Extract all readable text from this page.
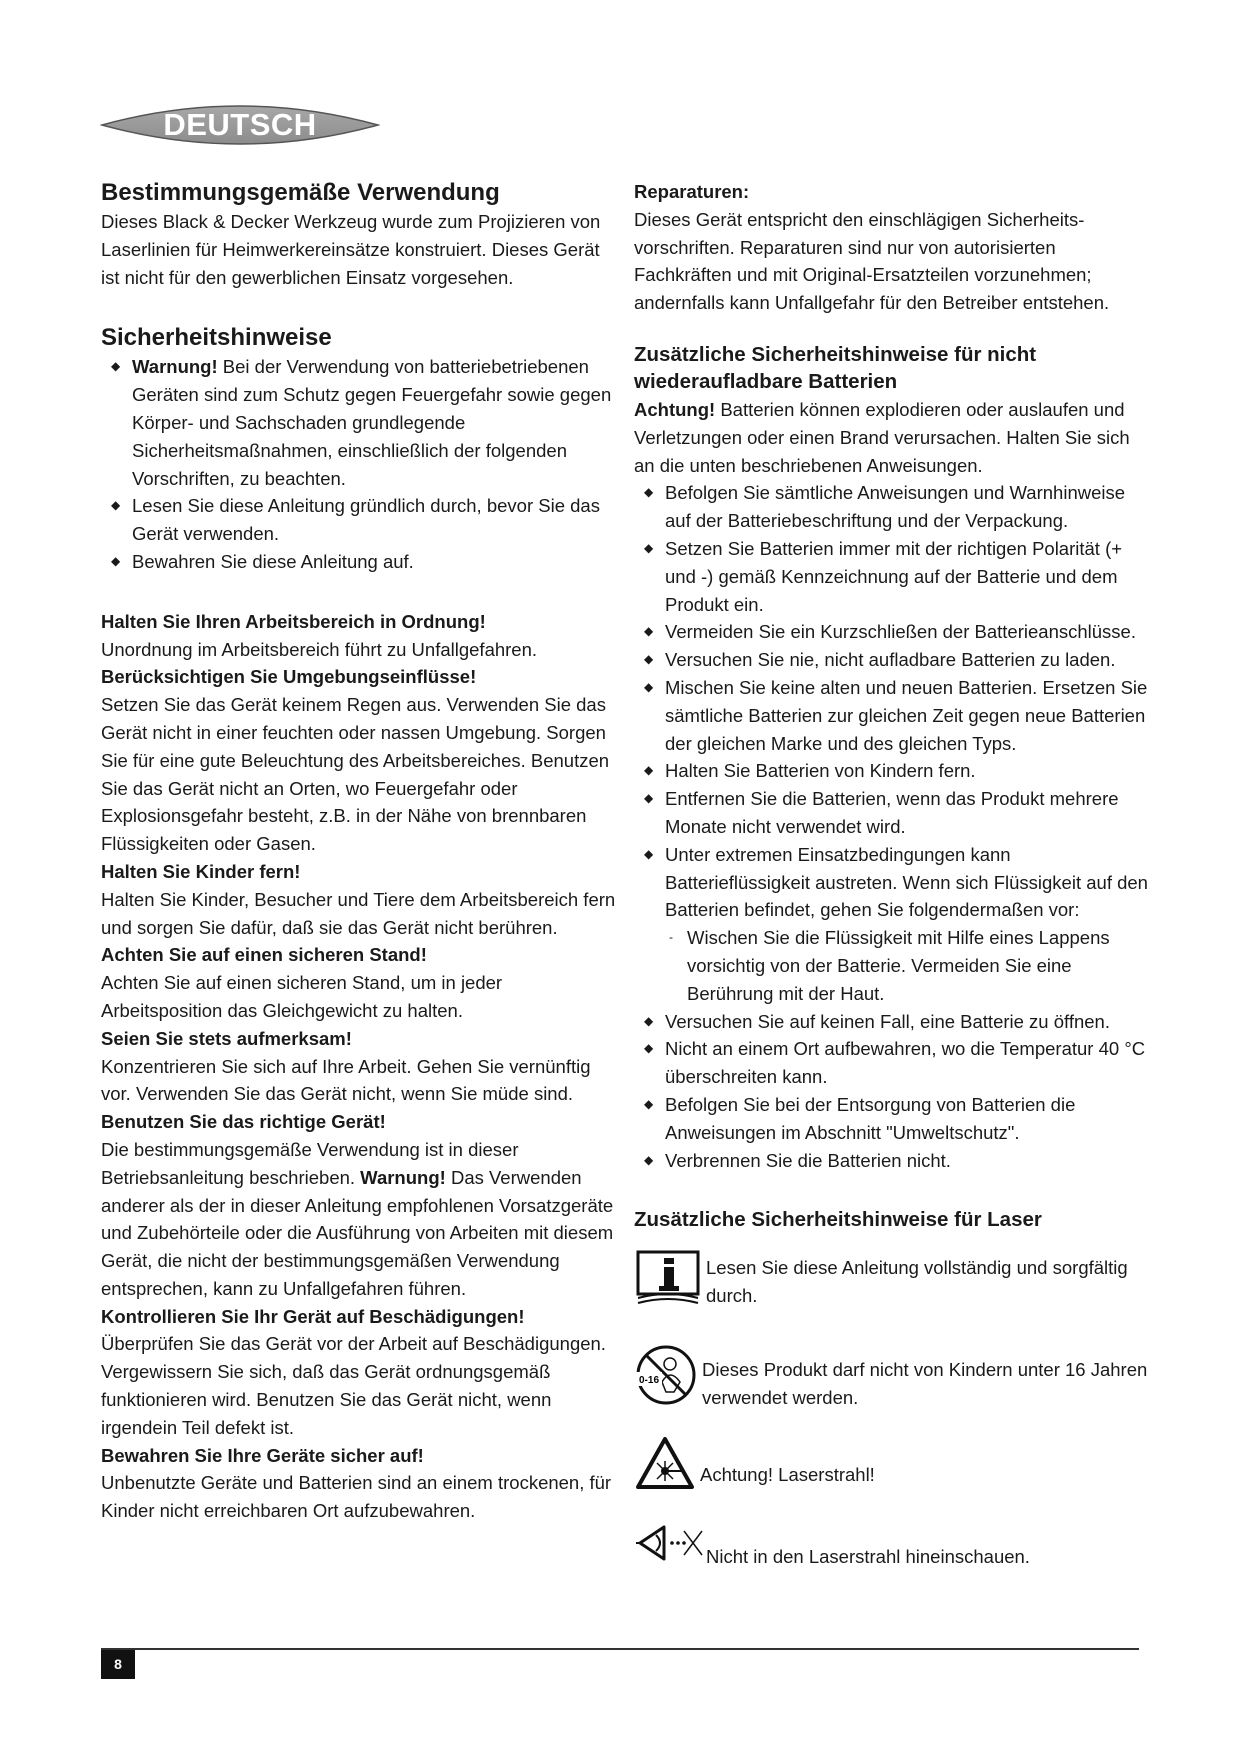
DEUTSCH
Bestimmungsgemäße Verwendung

Dieses Black & Decker Werkzeug wurde zum Projizieren von Laserlinien für Heimwerkereinsätze konstruiert. Dieses Gerät ist nicht für den gewerblichen Einsatz vorgesehen.

Sicherheitshinweise
◆ Warnung! Bei der Verwendung von batteriebetriebenen Geräten sind zum Schutz gegen Feuergefahr sowie gegen Körper- und Sachschaden grundlegende Sicherheitsmaßnahmen, einschließlich der folgenden Vorschriften, zu beachten.
◆ Lesen Sie diese Anleitung gründlich durch, bevor Sie das Gerät verwenden.
◆ Bewahren Sie diese Anleitung auf.

Halten Sie Ihren Arbeitsbereich in Ordnung!

Unordnung im Arbeitsbereich führt zu Unfallgefahren.

Berücksichtigen Sie Umgebungseinflüsse!

Setzen Sie das Gerät keinem Regen aus. Verwenden Sie das Gerät nicht in einer feuchten oder nassen Umgebung. Sorgen Sie für eine gute Beleuchtung des Arbeitsbereiches. Benutzen Sie das Gerät nicht an Orten, wo Feuergefahr oder Explosionsgefahr besteht, z.B. in der Nähe von brennbaren Flüssigkeiten oder Gasen.

Halten Sie Kinder fern!

Halten Sie Kinder, Besucher und Tiere dem Arbeitsbereich fern und sorgen Sie dafür, daß sie das Gerät nicht berühren.

Achten Sie auf einen sicheren Stand!

Achten Sie auf einen sicheren Stand, um in jeder Arbeitsposition das Gleichgewicht zu halten.

Seien Sie stets aufmerksam!

Konzentrieren Sie sich auf Ihre Arbeit. Gehen Sie vernünftig vor. Verwenden Sie das Gerät nicht, wenn Sie müde sind.

Benutzen Sie das richtige Gerät!

Die bestimmungsgemäße Verwendung ist in dieser Betriebsanleitung beschrieben. Warnung! Das Verwenden anderer als der in dieser Anleitung empfohlenen Vorsatzgeräte und Zubehörteile oder die Ausführung von Arbeiten mit diesem Gerät, die nicht der bestimmungsgemäßen Verwendung entsprechen, kann zu Unfallgefahren führen.

Kontrollieren Sie Ihr Gerät auf Beschädigungen!

Überprüfen Sie das Gerät vor der Arbeit auf Beschädigungen. Vergewissern Sie sich, daß das Gerät ordnungsgemäß funktionieren wird. Benutzen Sie das Gerät nicht, wenn irgendein Teil defekt ist.

Bewahren Sie Ihre Geräte sicher auf!

Unbenutzte Geräte und Batterien sind an einem trockenen, für Kinder nicht erreichbaren Ort aufzubewahren.

Reparaturen:

Dieses Gerät entspricht den einschlägigen Sicherheits-vorschriften. Reparaturen sind nur von autorisierten Fachkräften und mit Original-Ersatzteilen vorzunehmen; andernfalls kann Unfallgefahr für den Betreiber entstehen.

Zusätzliche Sicherheitshinweise für nicht wiederaufladbare Batterien

Achtung! Batterien können explodieren oder auslaufen und Verletzungen oder einen Brand verursachen. Halten Sie sich an die unten beschriebenen Anweisungen.

◆ Befolgen Sie sämtliche Anweisungen und Warnhinweise auf der Batteriebeschriftung und der Verpackung.
◆ Setzen Sie Batterien immer mit der richtigen Polarität (+ und -) gemäß Kennzeichnung auf der Batterie und dem Produkt ein.
◆ Vermeiden Sie ein Kurzschließen der Batterieanschlüsse.
◆ Versuchen Sie nie, nicht aufladbare Batterien zu laden.
◆ Mischen Sie keine alten und neuen Batterien. Ersetzen Sie sämtliche Batterien zur gleichen Zeit gegen neue Batterien der gleichen Marke und des gleichen Typs.
◆ Halten Sie Batterien von Kindern fern.
◆ Entfernen Sie die Batterien, wenn das Produkt mehrere Monate nicht verwendet wird.
◆ Unter extremen Einsatzbedingungen kann Batterieflüssigkeit austreten. Wenn sich Flüssigkeit auf den Batterien befindet, gehen Sie folgendermaßen vor:
- Wischen Sie die Flüssigkeit mit Hilfe eines Lappens vorsichtig von der Batterie. Vermeiden Sie eine Berührung mit der Haut.
◆ Versuchen Sie auf keinen Fall, eine Batterie zu öffnen.
◆ Nicht an einem Ort aufbewahren, wo die Temperatur 40 °C überschreiten kann.
◆ Befolgen Sie bei der Entsorgung von Batterien die Anweisungen im Abschnitt "Umweltschutz".
◆ Verbrennen Sie die Batterien nicht.
Zusätzliche Sicherheitshinweise für Laser

Lesen Sie diese Anleitung vollständig und sorgfältig durch.

0-16

Dieses Produkt darf nicht von Kindern unter 16 Jahren verwendet werden.

Achtung! Laserstrahl!

Nicht in den Laserstrahl hineinschauen.

8
